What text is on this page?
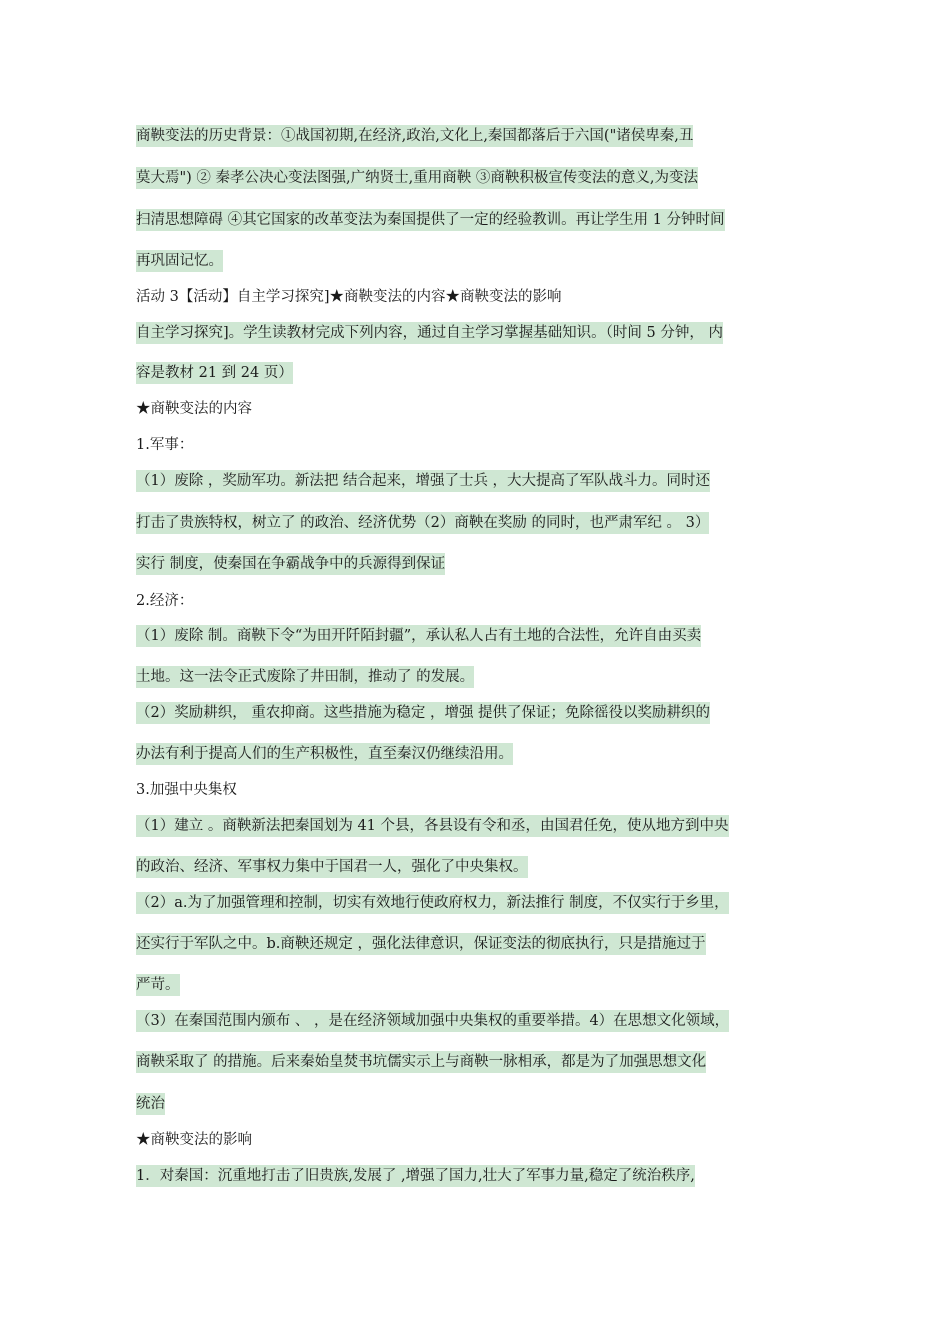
商鞅变法的历史背景：①战国初期,在经济,政治,文化上,秦国都落后于六国("诸侯卑秦,丑
莫大焉") ② 秦孝公决心变法图强,广纳贤士,重用商鞅 ③商鞅积极宣传变法的意义,为变法
扫清思想障碍 ④其它国家的改革变法为秦国提供了一定的经验教训。再让学生用 1 分钟时间
再巩固记忆。
活动 3【活动】自主学习探究]★商鞅变法的内容★商鞅变法的影响
自主学习探究]。学生读教材完成下列内容，通过自主学习掌握基础知识。（时间 5 分钟， 内
容是教材 21 到 24 页）
★商鞅变法的内容
1.军事：
（1）废除 ，奖励军功。新法把 结合起来，增强了士兵 ，大大提高了军队战斗力。同时还
打击了贵族特权，树立了 的政治、经济优势（2）商鞅在奖励 的同时，也严肃军纪 。 3）
实行 制度，使秦国在争霸战争中的兵源得到保证
2.经济：
（1）废除 制。商鞅下令“为田开阡陌封疆”，承认私人占有土地的合法性，允许自由买卖
土地。这一法令正式废除了井田制，推动了 的发展。
（2）奖励耕织， 重农抑商。这些措施为稳定 ，增强 提供了保证；免除徭役以奖励耕织的
办法有利于提高人们的生产积极性，直至秦汉仍继续沿用。
3.加强中央集权
（1）建立 。商鞅新法把秦国划为 41 个县，各县设有令和丞，由国君任免，使从地方到中央
的政治、经济、军事权力集中于国君一人，强化了中央集权。
（2）a.为了加强管理和控制，切实有效地行使政府权力，新法推行 制度，不仅实行于乡里，
还实行于军队之中。b.商鞅还规定 ，强化法律意识，保证变法的彻底执行，只是措施过于
严苛。
（3）在秦国范围内颁布 、 ，是在经济领域加强中央集权的重要举措。4）在思想文化领域，
商鞅采取了 的措施。后来秦始皇焚书坑儒实示上与商鞅一脉相承，都是为了加强思想文化
统治
★商鞅变法的影响
1．对秦国：沉重地打击了旧贵族,发展了 ,增强了国力,壮大了军事力量,稳定了统治秩序,
